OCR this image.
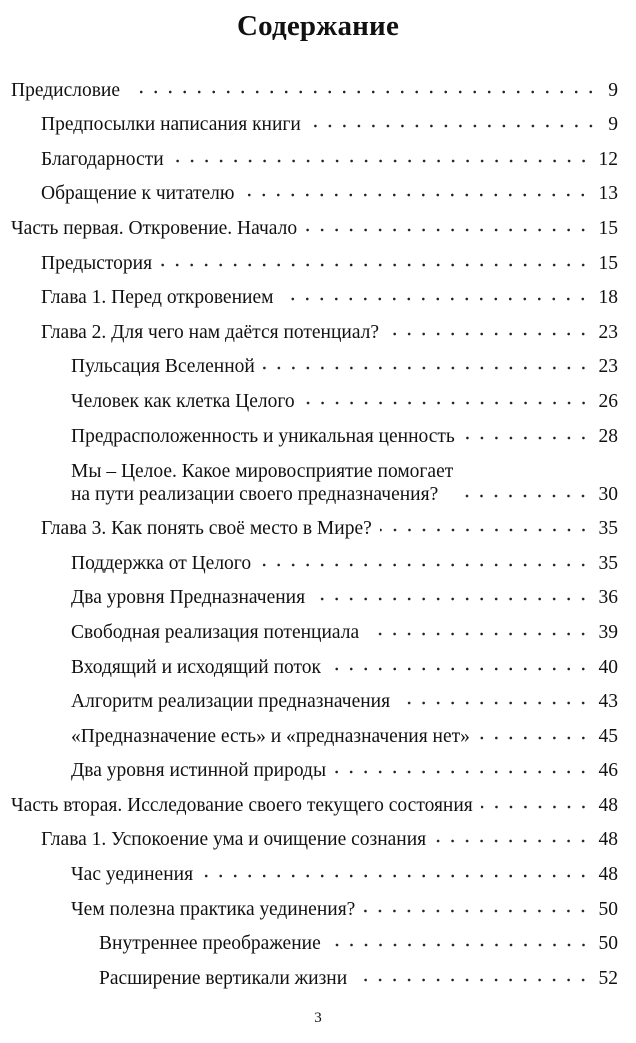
Содержание
Предисловие	9
Предпосылки написания книги	9
Благодарности	12
Обращение к читателю	13
Часть первая. Откровение. Начало	15
Предыстория	15
Глава 1. Перед откровением	18
Глава 2. Для чего нам даётся потенциал?	23
Пульсация Вселенной	23
Человек как клетка Целого	26
Предрасположенность и уникальная ценность	28
Мы – Целое. Какое мировосприятие помогает
на пути реализации своего предназначения?	30
Глава 3. Как понять своё место в Мире?	35
Поддержка от Целого	35
Два уровня Предназначения	36
Свободная реализация потенциала	39
Входящий и исходящий поток	40
Алгоритм реализации предназначения	43
«Предназначение есть» и «предназначения нет»	45
Два уровня истинной природы	46
Часть вторая. Исследование своего текущего состояния	48
Глава 1. Успокоение ума и очищение сознания	48
Час уединения	48
Чем полезна практика уединения?	50
Внутреннее преображение	50
Расширение вертикали жизни	52
3
